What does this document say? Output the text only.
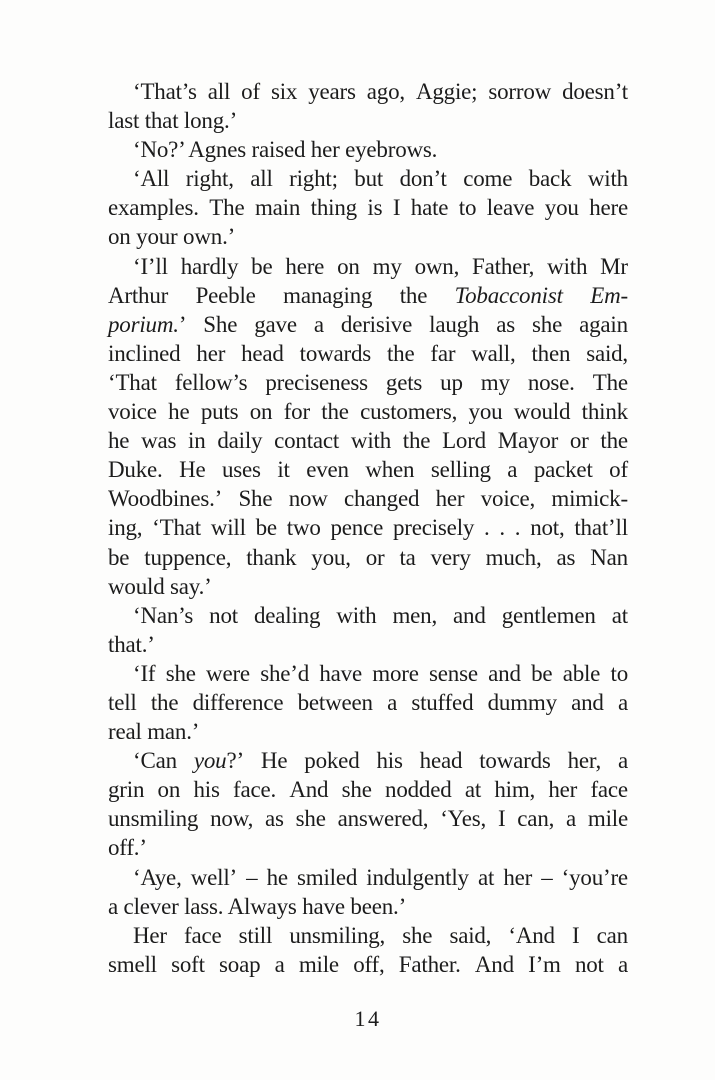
‘That’s all of six years ago, Aggie; sorrow doesn’t
last that long.’
‘No?’ Agnes raised her eyebrows.
‘All right, all right; but don’t come back with
examples. The main thing is I hate to leave you here
on your own.’
‘I’ll hardly be here on my own, Father, with Mr
Arthur Peeble managing the Tobacconist Em-
porium.’ She gave a derisive laugh as she again
inclined her head towards the far wall, then said,
‘That fellow’s preciseness gets up my nose. The
voice he puts on for the customers, you would think
he was in daily contact with the Lord Mayor or the
Duke. He uses it even when selling a packet of
Woodbines.’ She now changed her voice, mimick-
ing, ‘That will be two pence precisely . . . not, that’ll
be tuppence, thank you, or ta very much, as Nan
would say.’
‘Nan’s not dealing with men, and gentlemen at
that.’
‘If she were she’d have more sense and be able to
tell the difference between a stuffed dummy and a
real man.’
‘Can you?’ He poked his head towards her, a
grin on his face. And she nodded at him, her face
unsmiling now, as she answered, ‘Yes, I can, a mile
off.’
‘Aye, well’ – he smiled indulgently at her – ‘you’re
a clever lass. Always have been.’
Her face still unsmiling, she said, ‘And I can
smell soft soap a mile off, Father. And I’m not a
14
